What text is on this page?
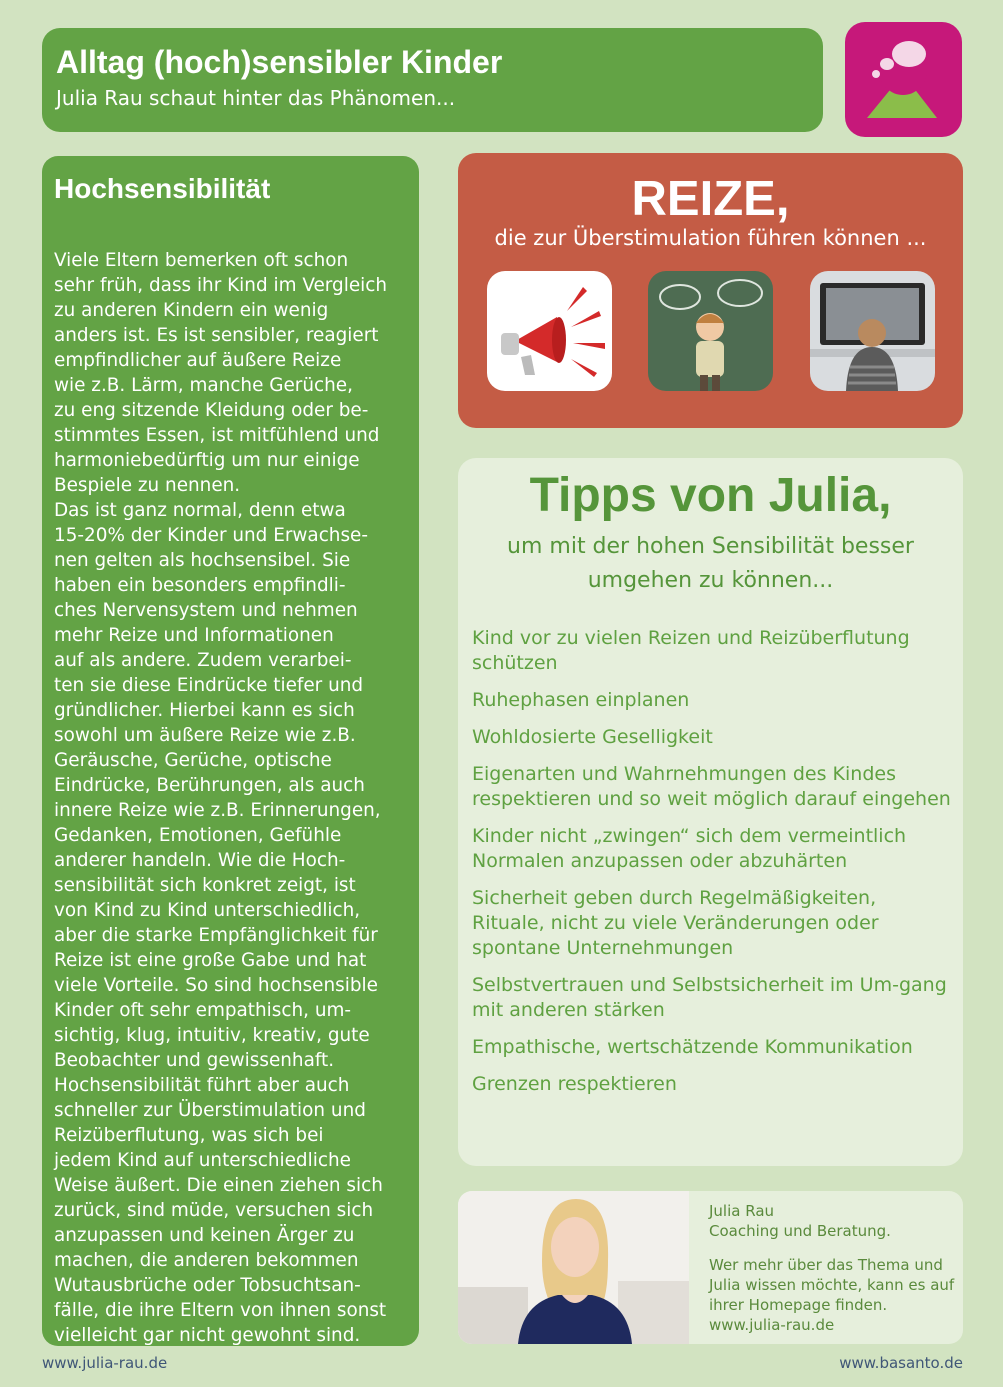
Alltag (hoch)sensibler Kinder
Julia Rau schaut hinter das Phänomen...
Hochsensibilität
Viele Eltern bemerken oft schon
sehr früh, dass ihr Kind im Vergleich
zu anderen Kindern ein wenig
anders ist. Es ist sensibler, reagiert
empfindlicher auf äußere Reize
wie z.B. Lärm, manche Gerüche,
zu eng sitzende Kleidung oder be-
stimmtes Essen, ist mitfühlend und
harmoniebedürftig um nur einige
Bespiele zu nennen.
Das ist ganz normal, denn etwa
15-20% der Kinder und Erwachse-
nen gelten als hochsensibel. Sie
haben ein besonders empfindli-
ches Nervensystem und nehmen
mehr Reize und Informationen
auf als andere. Zudem verarbei-
ten sie diese Eindrücke tiefer und
gründlicher. Hierbei kann es sich
sowohl um äußere Reize wie z.B.
Geräusche, Gerüche, optische
Eindrücke, Berührungen, als auch
innere Reize wie z.B. Erinnerungen,
Gedanken, Emotionen, Gefühle
anderer handeln. Wie die Hoch-
sensibilität sich konkret zeigt, ist
von Kind zu Kind unterschiedlich,
aber die starke Empfänglichkeit für
Reize ist eine große Gabe und hat
viele Vorteile. So sind hochsensible
Kinder oft sehr empathisch, um-
sichtig, klug, intuitiv, kreativ, gute
Beobachter und gewissenhaft.
Hochsensibilität führt aber auch
schneller zur Überstimulation und
Reizüberflutung, was sich bei
jedem Kind auf unterschiedliche
Weise äußert. Die einen ziehen sich
zurück, sind müde, versuchen sich
anzupassen und keinen Ärger zu
machen, die anderen bekommen
Wutausbrüche oder Tobsuchtsan-
fälle, die ihre Eltern von ihnen sonst
vielleicht gar nicht gewohnt sind.
REIZE,
die zur Überstimulation führen können ...
Tipps von Julia,
um mit der hohen Sensibilität besser umgehen zu können...
Kind vor zu vielen Reizen und Reizüberflutung schützen
Ruhephasen einplanen
Wohldosierte Geselligkeit
Eigenarten und Wahrnehmungen des Kindes respektieren und so weit möglich darauf eingehen
Kinder nicht „zwingen“ sich dem vermeintlich Normalen anzupassen oder abzuhärten
Sicherheit geben durch Regelmäßigkeiten, Rituale, nicht zu viele Veränderungen oder spontane Unternehmungen
Selbstvertrauen und Selbstsicherheit im Um-gang mit anderen stärken
Empathische, wertschätzende Kommunikation
Grenzen respektieren

Julia Rau

Coaching und Beratung.

Wer mehr über das Thema und Julia wissen möchte, kann es auf ihrer Homepage finden.

www.julia-rau.de

www.julia-rau.de	www.basanto.de
